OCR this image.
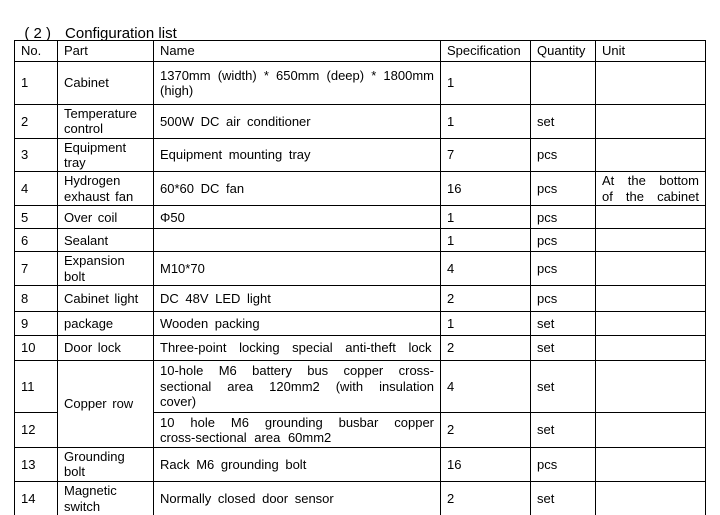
( 2 ) Configuration list

No.	Part	Name	Specification	Quantity	Unit
1	Cabinet	1370mm (width) * 650mm (deep) * 1800mm (high)	1		
2	Temperature control	500W DC air conditioner	1	set	
3	Equipment tray	Equipment mounting tray	7	pcs	
4	Hydrogen exhaust fan	60*60 DC fan	16	pcs	At the bottom of the cabinet
5	Over coil	Φ50	1	pcs	
6	Sealant		1	pcs	
7	Expansion bolt	M10*70	4	pcs	
8	Cabinet light	DC 48V LED light	2	pcs	
9	package	Wooden packing	1	set	
10	Door lock	Three-point locking special anti-theft lock	2	set	
11	Copper row	10-hole M6 battery bus copper cross-sectional area 120mm2 (with insulation cover)	4	set	
12		10 hole M6 grounding busbar copper cross-sectional area 60mm2	2	set	
13	Grounding bolt	Rack M6 grounding bolt	16	pcs	
14	Magnetic switch	Normally closed door sensor	2	set	
